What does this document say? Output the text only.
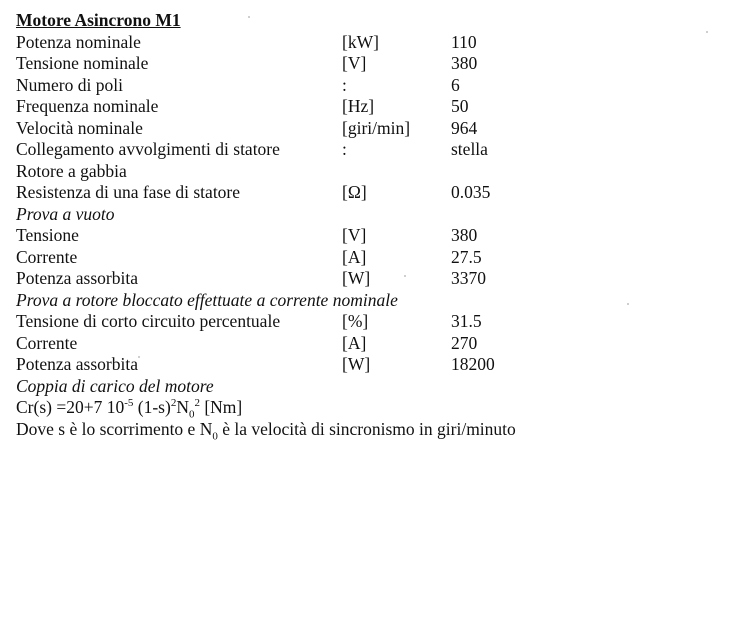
Motore Asincrono M1
Potenza nominale	[kW]	110
Tensione nominale	[V]	380
Numero di poli	:	6
Frequenza nominale	[Hz]	50
Velocità nominale	[giri/min] 964
Collegamento avvolgimenti di statore	:	stella
Rotore a gabbia
Resistenza di una fase di statore	[Ω]	0.035
Prova a vuoto
Tensione	[V]	380
Corrente	[A]	27.5
Potenza assorbita	[W]	3370
Prova a rotore bloccato effettuate a corrente nominale
Tensione di corto circuito percentuale	[%]	31.5
Corrente	[A]	270
Potenza assorbita	[W]	18200
Coppia di carico del motore
Cr(s) =20+7 $10^{-5}$ $(1-s)^2N_0^2$ [Nm]
Dove s è lo scorrimento e $N_0$ è la velocità di sincronismo in giri/minuto
